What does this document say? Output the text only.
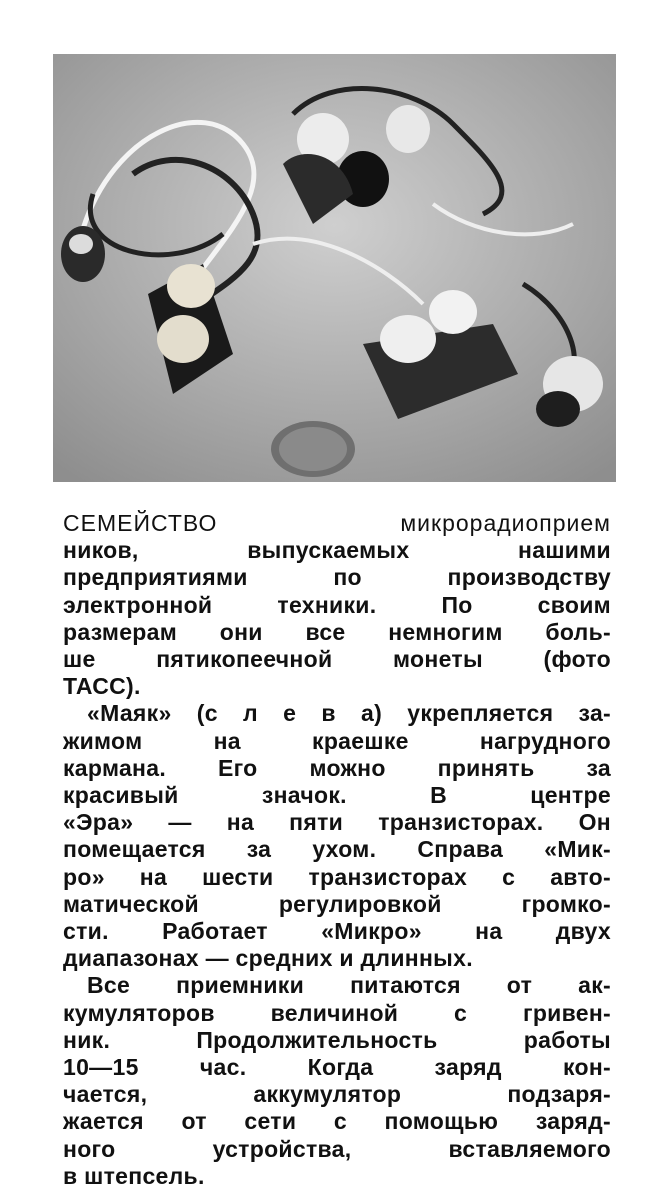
СЕМЕЙСТВО микрорадиоприем
ников, выпускаемых нашими
предприятиями по производству
электронной техники. По своим
размерам они все немногим боль-
ше пятикопеечной монеты (фото
ТАСС).
«Маяк» (с л е в а) укрепляется за-
жимом на краешке нагрудного
кармана. Его можно принять за
красивый значок. В центре
«Эра» — на пяти транзисторах. Он
помещается за ухом. Справа «Мик-
ро» на шести транзисторах с авто-
матической регулировкой громко-
сти. Работает «Микро» на двух
диапазонах — средних и длинных.
Все приемники питаются от ак-
кумуляторов величиной с гривен-
ник. Продолжительность работы
10—15 час. Когда заряд кон-
чается, аккумулятор подзаря-
жается от сети с помощью заряд-
ного устройства, вставляемого
в штепсель.
